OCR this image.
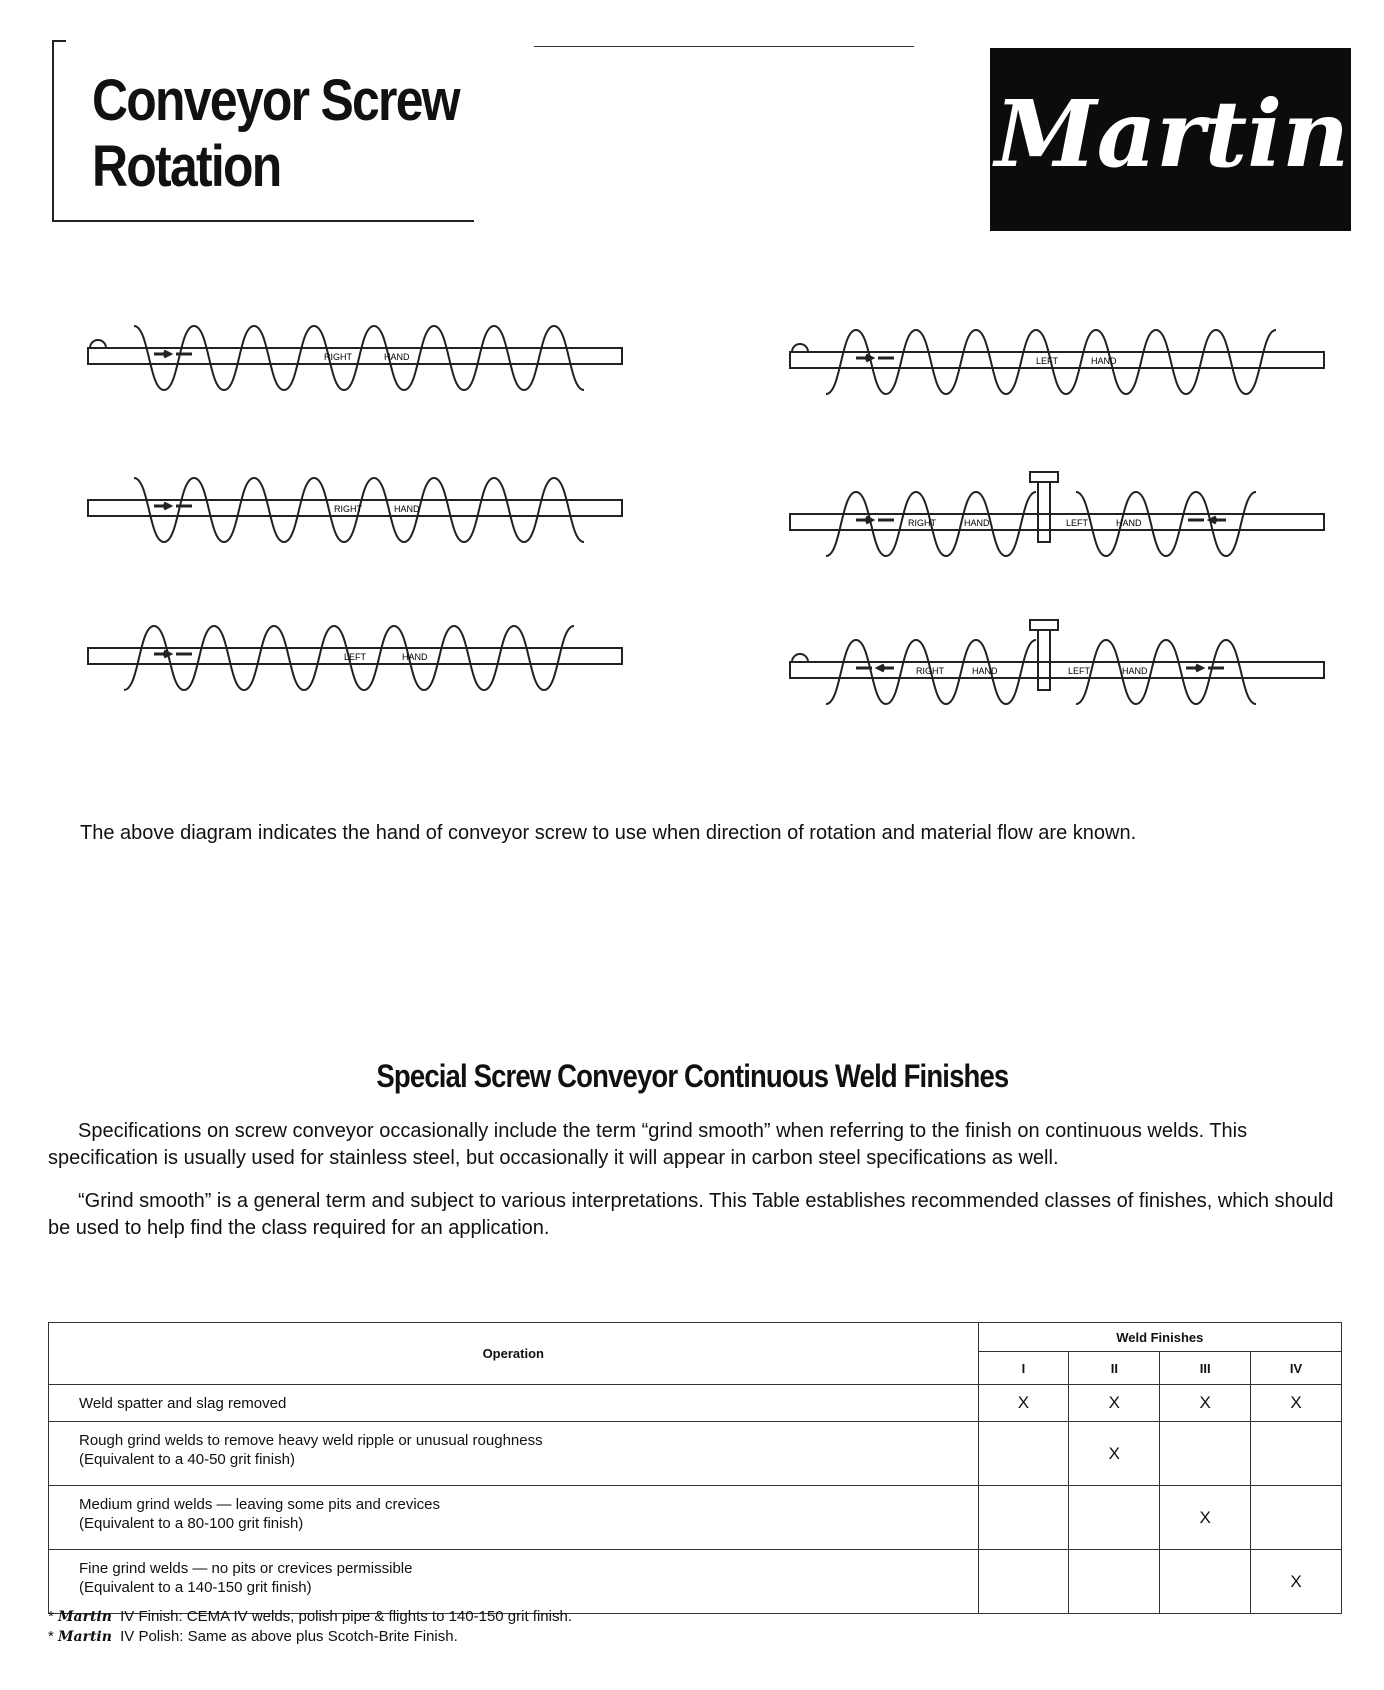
Conveyor Screw
Rotation	Martin
RIGHT	HAND	LEFT	HAND
RIGHT	HAND
RIGHT	HAND	LEFT	HAND
LEFT	HAND
RIGHT	HAND	LEFT	HAND
The above diagram indicates the hand of conveyor screw to use when direction of rotation and material flow are known.
Special Screw Conveyor Continuous Weld Finishes
Specifications on screw conveyor occasionally include the term “grind smooth” when referring to the finish on continuous welds. This specification is usually used for stainless steel, but occasionally it will appear in carbon steel specifications as well.
“Grind smooth” is a general term and subject to various interpretations. This Table establishes recommended classes of finishes, which should be used to help find the class required for an application.
Operation	Weld Finishes			
	I	II	III	IV

Weld spatter and slag removed	X	X	X	X

Rough grind welds to remove heavy weld ripple or unusual roughness
(Equivalent to a 40-50 grit finish)		X		

Medium grind welds — leaving some pits and crevices
(Equivalent to a 80-100 grit finish)			X	

Fine grind welds — no pits or crevices permissible
(Equivalent to a 140-150 grit finish)				X
* Martin IV Finish: CEMA IV welds, polish pipe & flights to 140-150 grit finish.
* Martin IV Polish: Same as above plus Scotch-Brite Finish.
